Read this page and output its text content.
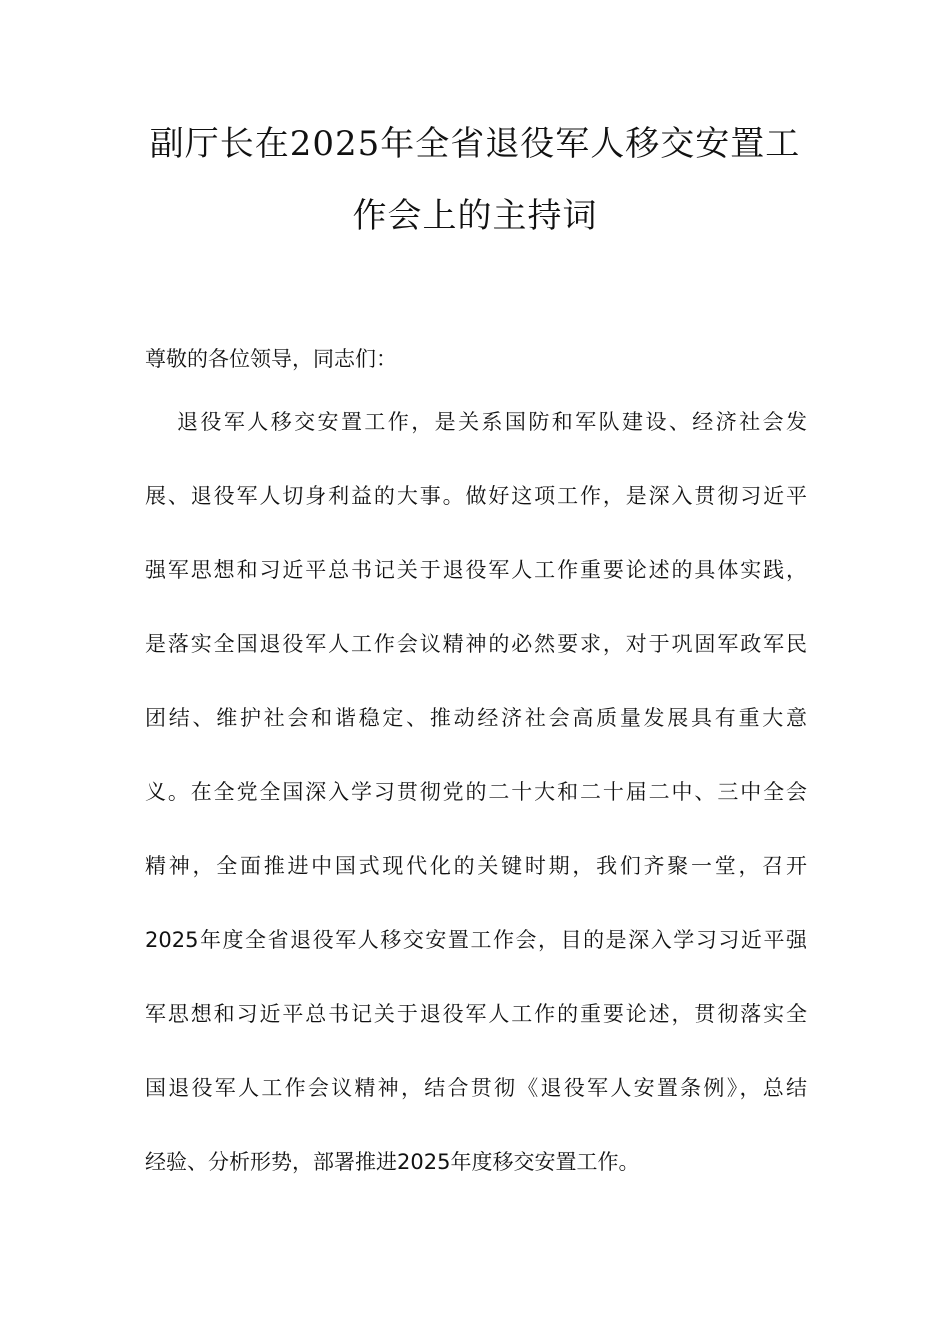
副厅长在2025年全省退役军人移交安置工
作会上的主持词
尊敬的各位领导，同志们：
退役军人移交安置工作，是关系国防和军队建设、经济社会发
展、退役军人切身利益的大事。做好这项工作，是深入贯彻习近平
强军思想和习近平总书记关于退役军人工作重要论述的具体实践，
是落实全国退役军人工作会议精神的必然要求，对于巩固军政军民
团结、维护社会和谐稳定、推动经济社会高质量发展具有重大意
义。在全党全国深入学习贯彻党的二十大和二十届二中、三中全会
精神，全面推进中国式现代化的关键时期，我们齐聚一堂，召开
2025年度全省退役军人移交安置工作会，目的是深入学习习近平强
军思想和习近平总书记关于退役军人工作的重要论述，贯彻落实全
国退役军人工作会议精神，结合贯彻《退役军人安置条例》，总结
经验、分析形势，部署推进2025年度移交安置工作。
